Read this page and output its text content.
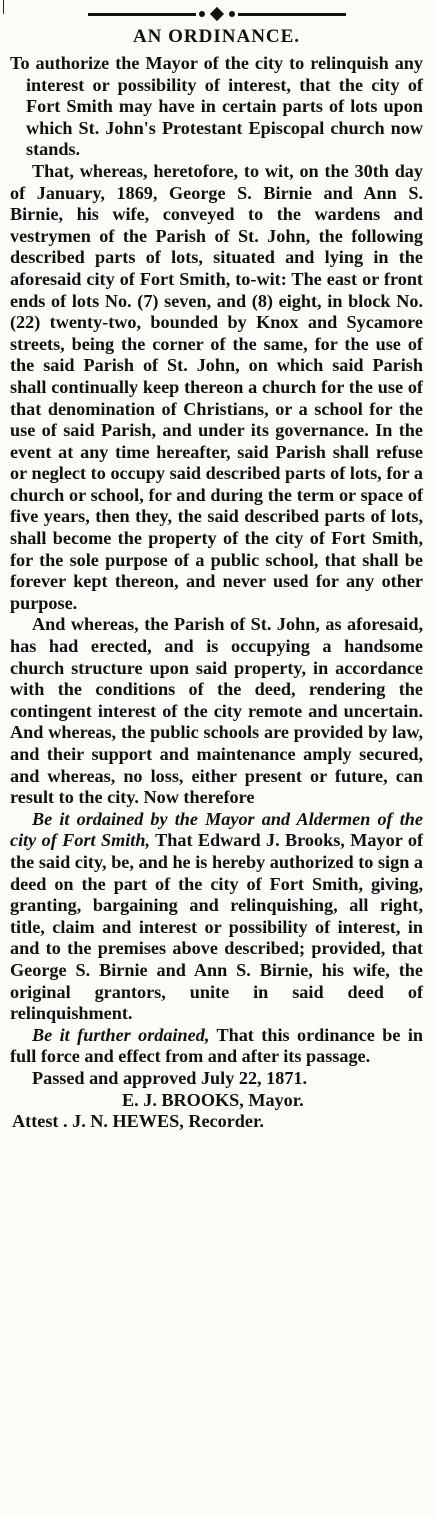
AN ORDINANCE.

To authorize the Mayor of the city to relinquish any interest or possibility of interest, that the city of Fort Smith may have in certain parts of lots upon which St. John's Protestant Episcopal church now stands.

That, whereas, heretofore, to wit, on the 30th day of January, 1869, George S. Birnie and Ann S. Birnie, his wife, conveyed to the wardens and vestrymen of the Parish of St. John, the following described parts of lots, situated and lying in the aforesaid city of Fort Smith, to-wit: The east or front ends of lots No. (7) seven, and (8) eight, in block No. (22) twenty-two, bounded by Knox and Sycamore streets, being the corner of the same, for the use of the said Parish of St. John, on which said Parish shall continually keep thereon a church for the use of that denomination of Christians, or a school for the use of said Parish, and under its governance. In the event at any time hereafter, said Parish shall refuse or neglect to occupy said described parts of lots, for a church or school, for and during the term or space of five years, then they, the said described parts of lots, shall become the property of the city of Fort Smith, for the sole purpose of a public school, that shall be forever kept thereon, and never used for any other purpose.

And whereas, the Parish of St. John, as aforesaid, has had erected, and is occupying a handsome church structure upon said property, in accordance with the conditions of the deed, rendering the contingent interest of the city remote and uncertain. And whereas, the public schools are provided by law, and their support and maintenance amply secured, and whereas, no loss, either present or future, can result to the city. Now therefore

Be it ordained by the Mayor and Aldermen of the city of Fort Smith, That Edward J. Brooks, Mayor of the said city, be, and he is hereby authorized to sign a deed on the part of the city of Fort Smith, giving, granting, bargaining and relinquishing, all right, title, claim and interest or possibility of interest, in and to the premises above described; provided, that George S. Birnie and Ann S. Birnie, his wife, the original grantors, unite in said deed of relinquishment.

Be it further ordained, That this ordinance be in full force and effect from and after its passage.

Passed and approved July 22, 1871.

E. J. BROOKS, Mayor.

Attest . J. N. HEWES, Recorder.
